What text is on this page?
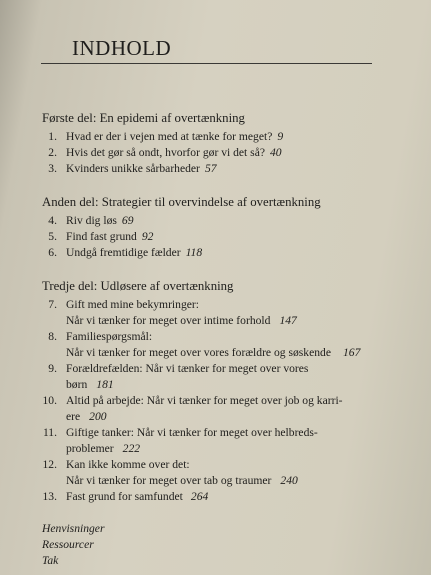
INDHOLD
Første del: En epidemi af overtænkning
1. Hvad er der i vejen med at tænke for meget? 9
2. Hvis det gør så ondt, hvorfor gør vi det så? 40
3. Kvinders unikke sårbarheder 57
Anden del: Strategier til overvindelse af overtænkning
4. Riv dig løs 69
5. Find fast grund 92
6. Undgå fremtidige fælder 118
Tredje del: Udløsere af overtænkning
7. Gift med mine bekymringer:
Når vi tænker for meget over intime forhold 147
8. Familiespørgsmål:
Når vi tænker for meget over vores forældre og søskende 167
9. Forældrefælden: Når vi tænker for meget over vores
børn 181
10. Altid på arbejde: Når vi tænker for meget over job og karri-
ere 200
11. Giftige tanker: Når vi tænker for meget over helbreds-
problemer 222
12. Kan ikke komme over det:
Når vi tænker for meget over tab og traumer 240
13. Fast grund for samfundet 264
Henvisninger
Ressourcer
Tak
